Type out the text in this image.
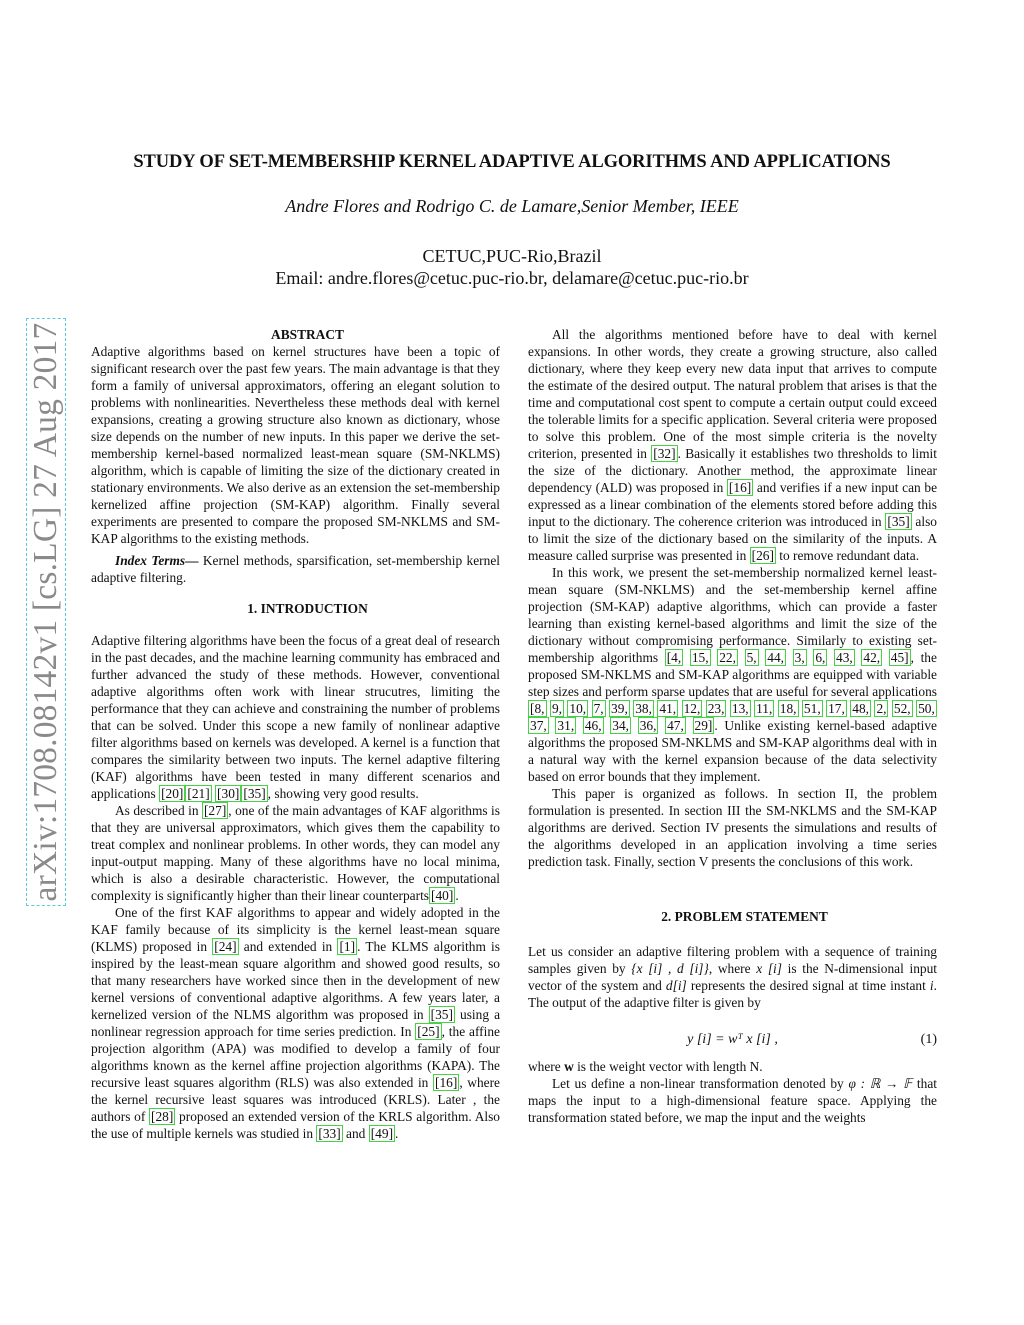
arXiv:1708.08142v1 [cs.LG] 27 Aug 2017
STUDY OF SET-MEMBERSHIP KERNEL ADAPTIVE ALGORITHMS AND APPLICATIONS
Andre Flores and Rodrigo C. de Lamare,Senior Member, IEEE
CETUC,PUC-Rio,Brazil
Email: andre.flores@cetuc.puc-rio.br, delamare@cetuc.puc-rio.br

ABSTRACT

Adaptive algorithms based on kernel structures have been a topic of significant research over the past few years. The main advantage is that they form a family of universal approximators, offering an elegant solution to problems with nonlinearities. Nevertheless these methods deal with kernel expansions, creating a growing structure also known as dictionary, whose size depends on the number of new inputs. In this paper we derive the set-membership kernel-based normalized least-mean square (SM-NKLMS) algorithm, which is capable of limiting the size of the dictionary created in stationary environments. We also derive as an extension the set-membership kernelized affine projection (SM-KAP) algorithm. Finally several experiments are presented to compare the proposed SM-NKLMS and SM-KAP algorithms to the existing methods.

Index Terms— Kernel methods, sparsification, set-membership kernel adaptive filtering.

1. INTRODUCTION

Adaptive filtering algorithms have been the focus of a great deal of research in the past decades, and the machine learning community has embraced and further advanced the study of these methods. However, conventional adaptive algorithms often work with linear strucutres, limiting the performance that they can achieve and constraining the number of problems that can be solved. Under this scope a new family of nonlinear adaptive filter algorithms based on kernels was developed. A kernel is a function that compares the similarity between two inputs. The kernel adaptive filtering (KAF) algorithms have been tested in many different scenarios and applications [20] [21] [30] [35] , showing very good results.

As described in [27] , one of the main advantages of KAF algorithms is that they are universal approximators, which gives them the capability to treat complex and nonlinear problems. In other words, they can model any input-output mapping. Many of these algorithms have no local minima, which is also a desirable characteristic. However, the computational complexity is significantly higher than their linear counterparts [40] .

One of the first KAF algorithms to appear and widely adopted in the KAF family because of its simplicity is the kernel least-mean square (KLMS) proposed in [24] and extended in [1] . The KLMS algorithm is inspired by the least-mean square algorithm and showed good results, so that many researchers have worked since then in the development of new kernel versions of conventional adaptive algorithms. A few years later, a kernelized version of the NLMS algorithm was proposed in [35] using a nonlinear regression approach for time series prediction. In [25] , the affine projection algorithm (APA) was modified to develop a family of four algorithms known as the kernel affine projection algorithms (KAPA). The recursive least squares algorithm (RLS) was also extended in [16] , where the kernel recursive least squares was introduced (KRLS). Later , the authors of [28] proposed an extended version of the KRLS algorithm. Also the use of multiple kernels was studied in [33] and [49] .

All the algorithms mentioned before have to deal with kernel expansions. In other words, they create a growing structure, also called dictionary, where they keep every new data input that arrives to compute the estimate of the desired output. The natural problem that arises is that the time and computational cost spent to compute a certain output could exceed the tolerable limits for a specific application. Several criteria were proposed to solve this problem. One of the most simple criteria is the novelty criterion, presented in [32] . Basically it establishes two thresholds to limit the size of the dictionary. Another method, the approximate linear dependency (ALD) was proposed in [16] and verifies if a new input can be expressed as a linear combination of the elements stored before adding this input to the dictionary. The coherence criterion was introduced in [35] also to limit the size of the dictionary based on the similarity of the inputs. A measure called surprise was presented in [26] to remove redundant data.

In this work, we present the set-membership normalized kernel least-mean square (SM-NKLMS) and the set-membership kernel affine projection (SM-KAP) adaptive algorithms, which can provide a faster learning than existing kernel-based algorithms and limit the size of the dictionary without compromising performance. Similarly to existing set-membership algorithms [4, 15, 22, 5, 44, 3, 6, 43, 42, 45] , the proposed SM-NKLMS and SM-KAP algorithms are equipped with variable step sizes and perform sparse updates that are useful for several applications [8, 9, 10, 7, 39, 38, 41, 12, 23, 13, 11, 18, 51, 17, 48, 2, 52, 50, 37, 31, 46, 34, 36, 47, 29] . Unlike existing kernel-based adaptive algorithms the proposed SM-NKLMS and SM-KAP algorithms deal with in a natural way with the kernel expansion because of the data selectivity based on error bounds that they implement.

This paper is organized as follows. In section II, the problem formulation is presented. In section III the SM-NKLMS and the SM-KAP algorithms are derived. Section IV presents the simulations and results of the algorithms developed in an application involving a time series prediction task. Finally, section V presents the conclusions of this work.

2. PROBLEM STATEMENT

Let us consider an adaptive filtering problem with a sequence of training samples given by {x [i] , d [i]}, where x [i] is the N-dimensional input vector of the system and d[i] represents the desired signal at time instant i. The output of the adaptive filter is given by

y [i] = wᵀ x [i] ,	(1)

where w is the weight vector with length N.

Let us define a non-linear transformation denoted by φ : ℝ → 𝔽 that maps the input to a high-dimensional feature space. Applying the transformation stated before, we map the input and the weights
